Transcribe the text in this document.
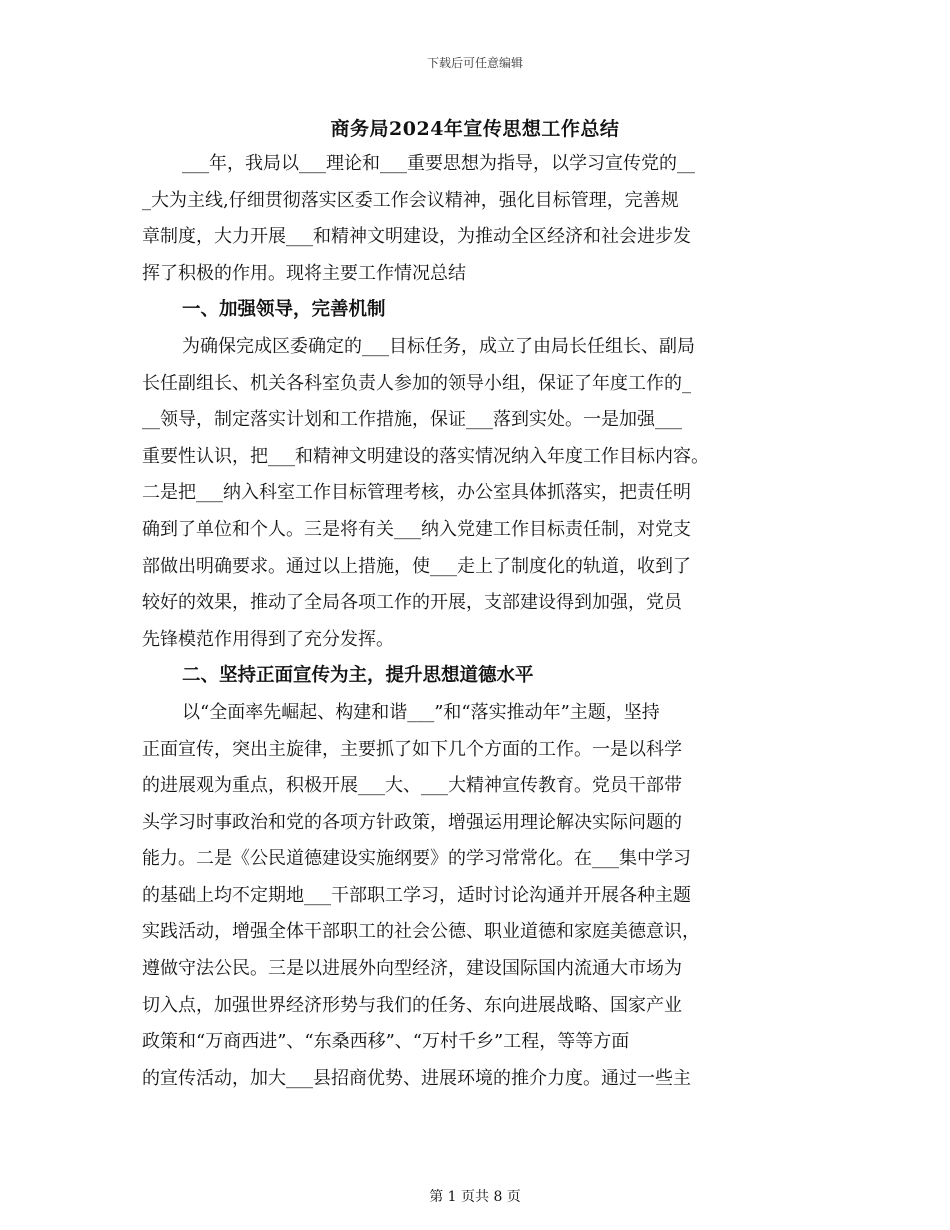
下载后可任意编辑
商务局2024年宣传思想工作总结
___年，我局以___理论和___重要思想为指导，以学习宣传党的__
_大为主线,仔细贯彻落实区委工作会议精神，强化目标管理，完善规
章制度，大力开展___和精神文明建设，为推动全区经济和社会进步发
挥了积极的作用。现将主要工作情况总结
一、加强领导，完善机制
为确保完成区委确定的___目标任务，成立了由局长任组长、副局
长任副组长、机关各科室负责人参加的领导小组，保证了年度工作的_
__领导，制定落实计划和工作措施，保证___落到实处。一是加强___
重要性认识，把___和精神文明建设的落实情况纳入年度工作目标内容。
二是把___纳入科室工作目标管理考核，办公室具体抓落实，把责任明
确到了单位和个人。三是将有关___纳入党建工作目标责任制，对党支
部做出明确要求。通过以上措施，使___走上了制度化的轨道，收到了
较好的效果，推动了全局各项工作的开展，支部建设得到加强，党员
先锋模范作用得到了充分发挥。
二、坚持正面宣传为主，提升思想道德水平
以“全面率先崛起、构建和谐___”和“落实推动年”主题，坚持
正面宣传，突出主旋律，主要抓了如下几个方面的工作。一是以科学
的进展观为重点，积极开展___大、___大精神宣传教育。党员干部带
头学习时事政治和党的各项方针政策，增强运用理论解决实际问题的
能力。二是《公民道德建设实施纲要》的学习常常化。在___集中学习
的基础上均不定期地___干部职工学习，适时讨论沟通并开展各种主题
实践活动，增强全体干部职工的社会公德、职业道德和家庭美德意识，
遵做守法公民。三是以进展外向型经济，建设国际国内流通大市场为
切入点，加强世界经济形势与我们的任务、东向进展战略、国家产业
政策和“万商西进”、“东桑西移”、“万村千乡”工程，等等方面
的宣传活动，加大___县招商优势、进展环境的推介力度。通过一些主
第 1 页共 8 页
